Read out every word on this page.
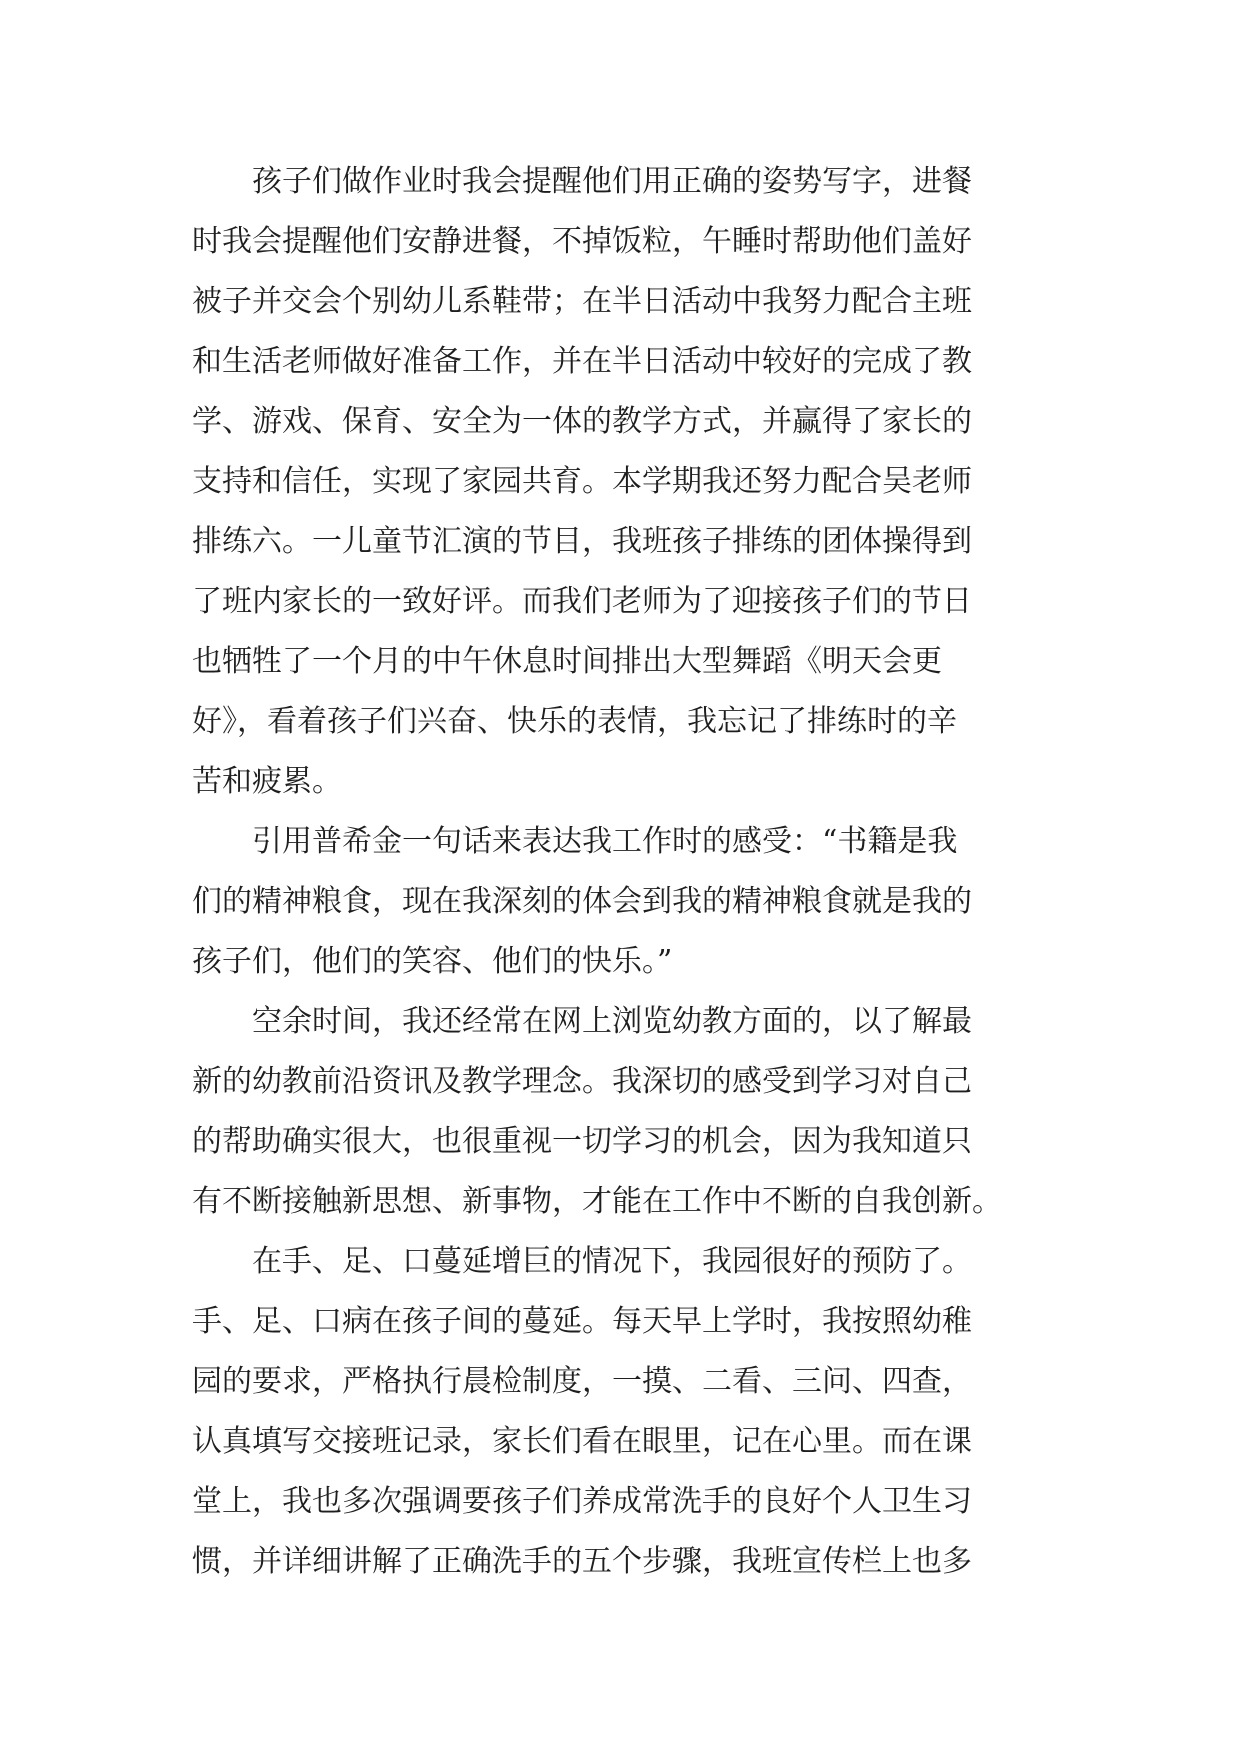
孩子们做作业时我会提醒他们用正确的姿势写字，进餐
时我会提醒他们安静进餐，不掉饭粒，午睡时帮助他们盖好
被子并交会个别幼儿系鞋带；在半日活动中我努力配合主班
和生活老师做好准备工作，并在半日活动中较好的完成了教
学、游戏、保育、安全为一体的教学方式，并赢得了家长的
支持和信任，实现了家园共育。本学期我还努力配合吴老师
排练六。一儿童节汇演的节目，我班孩子排练的团体操得到
了班内家长的一致好评。而我们老师为了迎接孩子们的节日
也牺牲了一个月的中午休息时间排出大型舞蹈《明天会更
好》，看着孩子们兴奋、快乐的表情，我忘记了排练时的辛
苦和疲累。
引用普希金一句话来表达我工作时的感受：“书籍是我
们的精神粮食，现在我深刻的体会到我的精神粮食就是我的
孩子们，他们的笑容、他们的快乐。”
空余时间，我还经常在网上浏览幼教方面的，以了解最
新的幼教前沿资讯及教学理念。我深切的感受到学习对自己
的帮助确实很大，也很重视一切学习的机会，因为我知道只
有不断接触新思想、新事物，才能在工作中不断的自我创新。
在手、足、口蔓延增巨的情况下，我园很好的预防了。
手、足、口病在孩子间的蔓延。每天早上学时，我按照幼稚
园的要求，严格执行晨检制度，一摸、二看、三问、四查，
认真填写交接班记录，家长们看在眼里，记在心里。而在课
堂上，我也多次强调要孩子们养成常洗手的良好个人卫生习
惯，并详细讲解了正确洗手的五个步骤，我班宣传栏上也多
